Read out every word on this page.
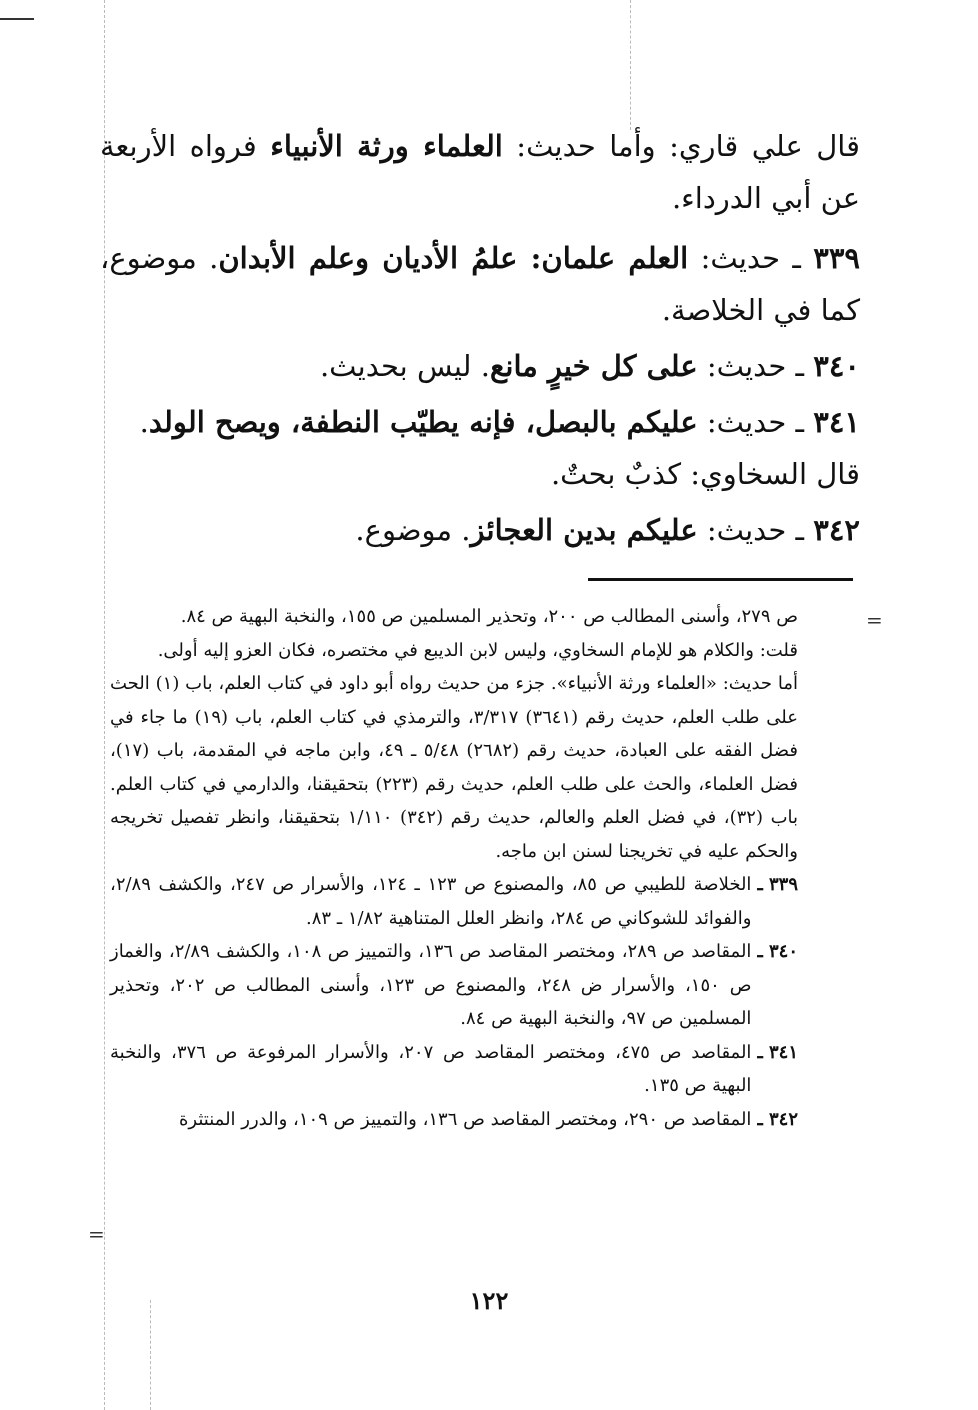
قال علي قاري: وأما حديث: العلماء ورثة الأنبياء فرواه الأربعة عن أبي الدرداء.

٣٣٩ ـ حديث: العلم علمان: علمُ الأديان وعلم الأبدان. موضوع، كما في الخلاصة.

٣٤٠ ـ حديث: على كل خيرٍ مانع. ليس بحديث.

٣٤١ ـ حديث: عليكم بالبصل، فإنه يطيّب النطفة، ويصح الولد.

قال السخاوي: كذبٌ بحتٌ.

٣٤٢ ـ حديث: عليكم بدين العجائز. موضوع.

ص ٢٧٩، وأسنى المطالب ص ٢٠٠، وتحذير المسلمين ص ١٥٥، والنخبة البهية ص ٨٤.

قلت: والكلام هو للإمام السخاوي، وليس لابن الديبع في مختصره، فكان العزو إليه أولى.

أما حديث: «العلماء ورثة الأنبياء». جزء من حديث رواه أبو داود في كتاب العلم، باب (١) الحث على طلب العلم، حديث رقم (٣٦٤١) ٣/٣١٧، والترمذي في كتاب العلم، باب (١٩) ما جاء في فضل الفقه على العبادة، حديث رقم (٢٦٨٢) ٥/٤٨ ـ ٤٩، وابن ماجه في المقدمة، باب (١٧)، فضل العلماء، والحث على طلب العلم، حديث رقم (٢٢٣) بتحقيقنا، والدارمي في كتاب العلم. باب (٣٢)، في فضل العلم والعالم، حديث رقم (٣٤٢) ١/١١٠ بتحقيقنا، وانظر تفصيل تخريجه والحكم عليه في تخريجنا لسنن ابن ماجه.

٣٣٩ ـ
الخلاصة للطيبي ص ٨٥، والمصنوع ص ١٢٣ ـ ١٢٤، والأسرار ص ٢٤٧، والكشف ٢/٨٩، والفوائد للشوكاني ص ٢٨٤، وانظر العلل المتناهية ١/٨٢ ـ ٨٣.
٣٤٠ ـ
المقاصد ص ٢٨٩، ومختصر المقاصد ص ١٣٦، والتمييز ص ١٠٨، والكشف ٢/٨٩، والغماز ص ١٥٠، والأسرار ض ٢٤٨، والمصنوع ص ١٢٣، وأسنى المطالب ص ٢٠٢، وتحذير المسلمين ص ٩٧، والنخبة البهية ص ٨٤.
٣٤١ ـ
المقاصد ص ٤٧٥، ومختصر المقاصد ص ٢٠٧، والأسرار المرفوعة ص ٣٧٦، والنخبة البهية ص ١٣٥.
٣٤٢ ـ
المقاصد ص ٢٩٠، ومختصر المقاصد ص ١٣٦، والتمييز ص ١٠٩، والدرر المنتثرة
=
=
١٢٢
